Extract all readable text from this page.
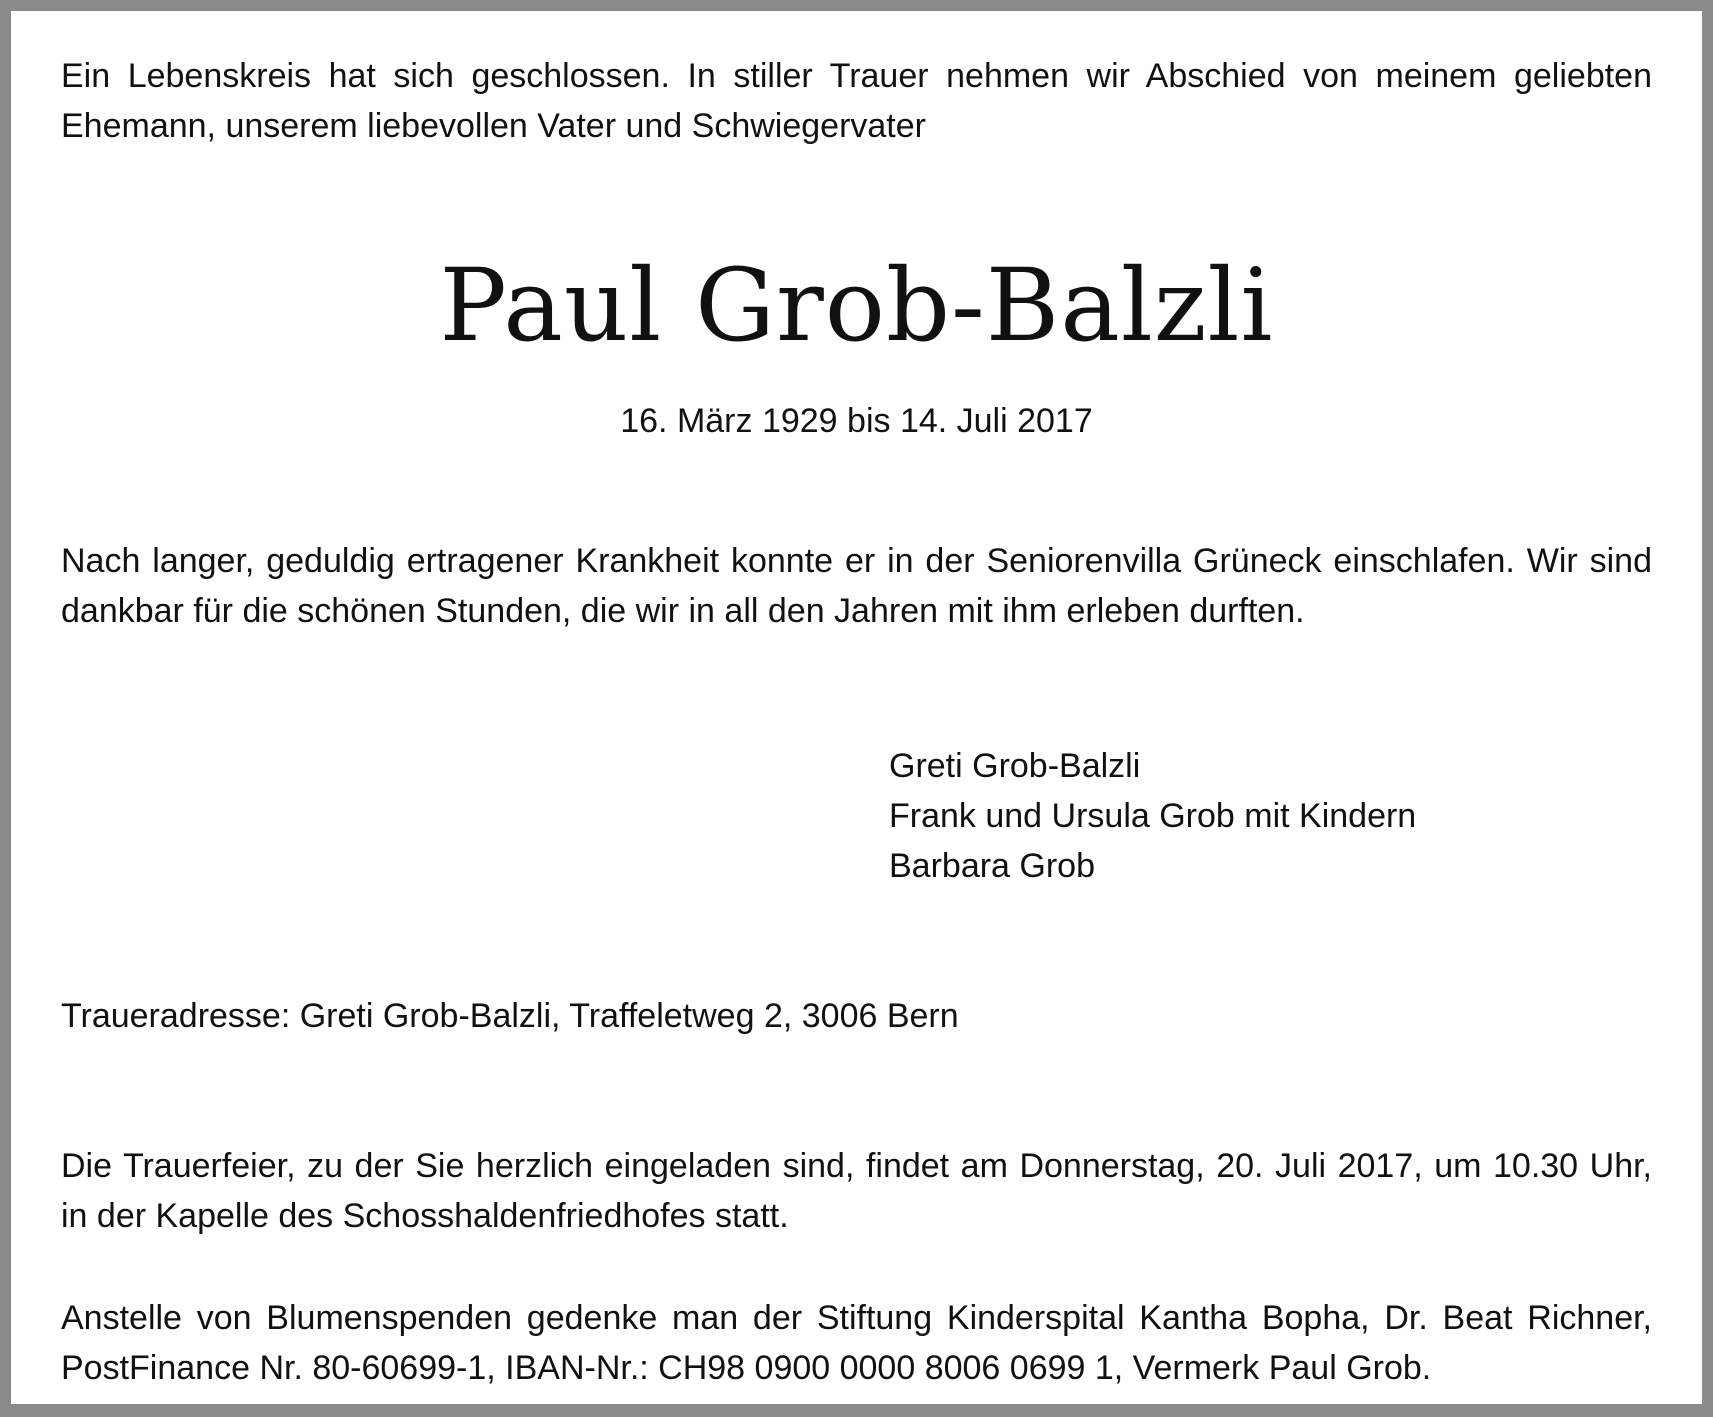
Ein Lebenskreis hat sich geschlossen. In stiller Trauer nehmen wir Abschied von meinem geliebten Ehemann, unserem liebevollen Vater und Schwiegervater
Paul Grob-Balzli
16. März 1929 bis 14. Juli 2017
Nach langer, geduldig ertragener Krankheit konnte er in der Seniorenvilla Grüneck einschlafen. Wir sind dankbar für die schönen Stunden, die wir in all den Jahren mit ihm erleben durften.
Greti Grob-Balzli
Frank und Ursula Grob mit Kindern
Barbara Grob
Traueradresse: Greti Grob-Balzli, Traffeletweg 2, 3006 Bern
Die Trauerfeier, zu der Sie herzlich eingeladen sind, findet am Donnerstag, 20. Juli 2017, um 10.30 Uhr, in der Kapelle des Schosshaldenfriedhofes statt.
Anstelle von Blumenspenden gedenke man der Stiftung Kinderspital Kantha Bopha, Dr. Beat Richner, PostFinance Nr. 80-60699-1, IBAN-Nr.: CH98 0900 0000 8006 0699 1, Vermerk Paul Grob.
